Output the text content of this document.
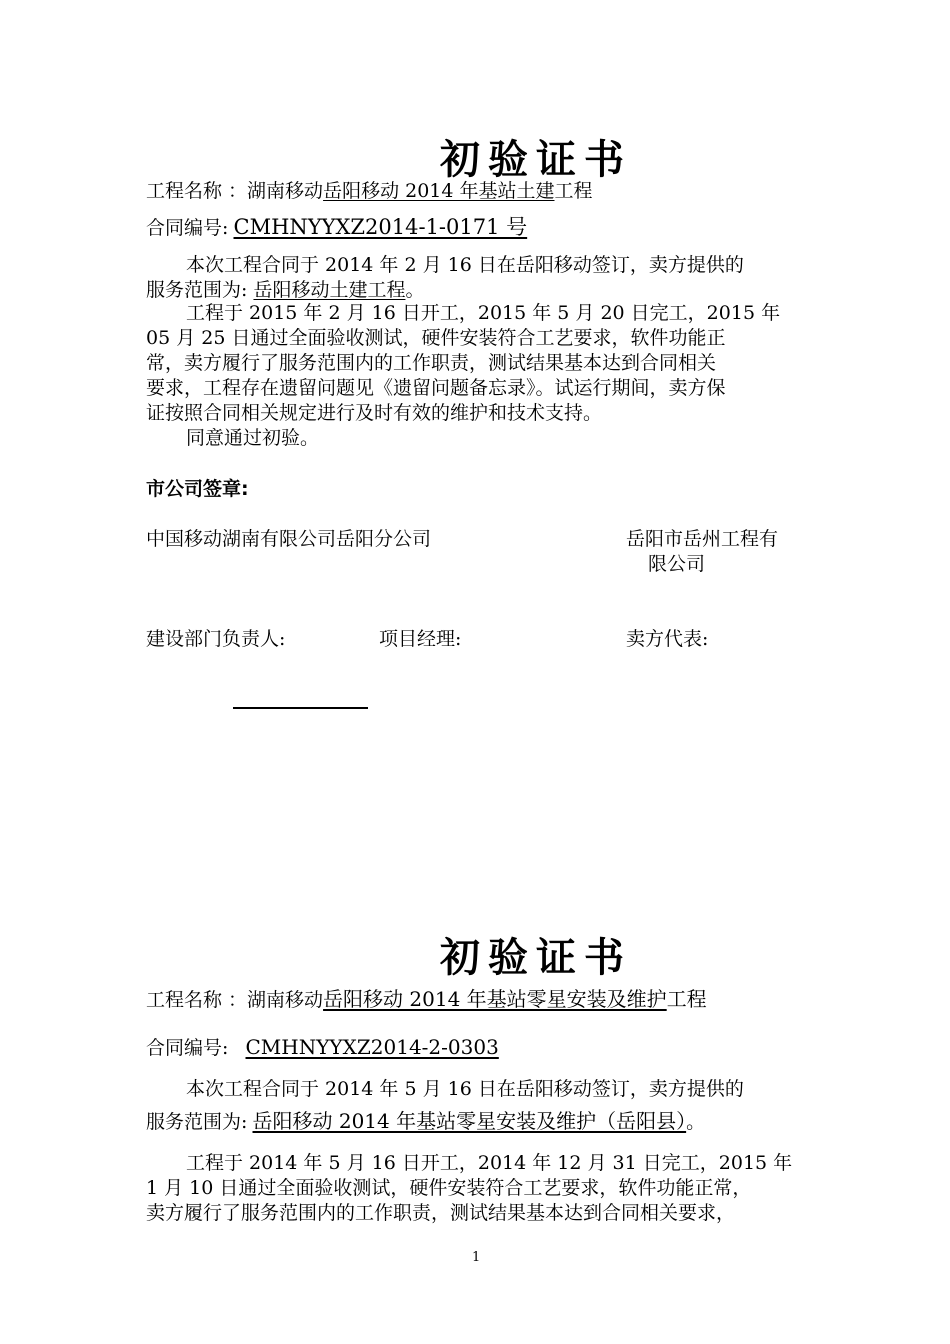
初验证书
工程名称 ：湖南移动岳阳移动 2014 年基站土建工程
合同编号: CMHNYYXZ2014-1-0171 号
本次工程合同于 2014 年 2 月 16 日在岳阳移动签订，卖方提供的
服务范围为: 岳阳移动土建工程。
工程于 2015 年 2 月 16 日开工，2015 年 5 月 20 日完工，2015 年
05 月 25 日通过全面验收测试，硬件安装符合工艺要求，软件功能正
常，卖方履行了服务范围内的工作职责，测试结果基本达到合同相关
要求，工程存在遗留问题见《遗留问题备忘录》。试运行期间，卖方保
证按照合同相关规定进行及时有效的维护和技术支持。
同意通过初验。
市公司签章:
中国移动湖南有限公司岳阳分公司	岳阳市岳州工程有
限公司
建设部门负责人:	项目经理:	卖方代表:
初验证书
工程名称 ：湖南移动岳阳移动 2014 年基站零星安装及维护工程
合同编号: CMHNYYXZ2014-2-0303
本次工程合同于 2014 年 5 月 16 日在岳阳移动签订，卖方提供的
服务范围为: 岳阳移动 2014 年基站零星安装及维护（岳阳县）。
工程于 2014 年 5 月 16 日开工，2014 年 12 月 31 日完工，2015 年
1 月 10 日通过全面验收测试，硬件安装符合工艺要求，软件功能正常，
卖方履行了服务范围内的工作职责，测试结果基本达到合同相关要求，
1
